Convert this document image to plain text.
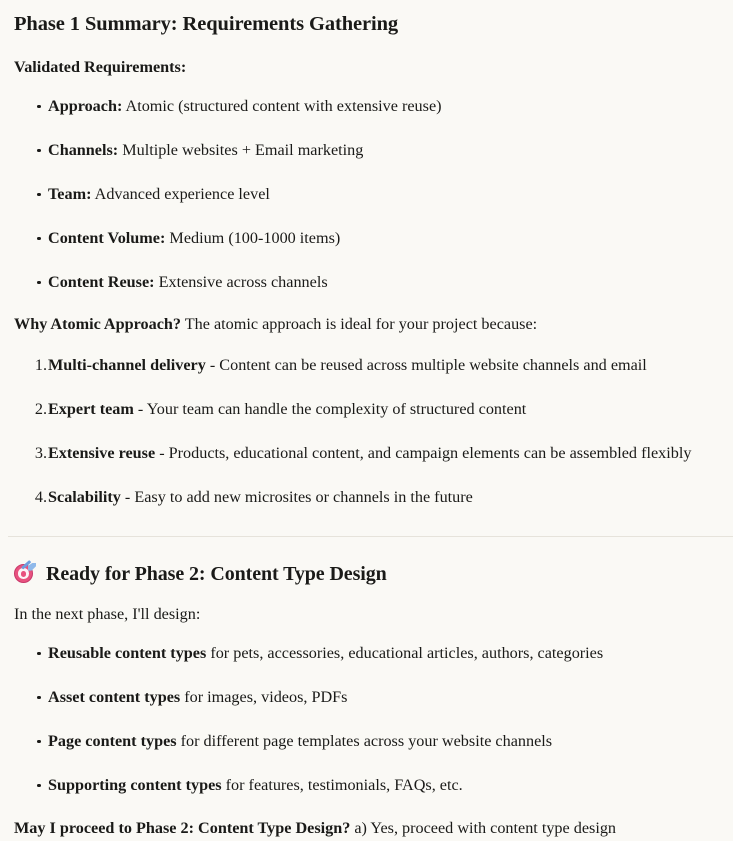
Phase 1 Summary: Requirements Gathering

Validated Requirements:

Approach: Atomic (structured content with extensive reuse)
Channels: Multiple websites + Email marketing
Team: Advanced experience level
Content Volume: Medium (100-1000 items)
Content Reuse: Extensive across channels

Why Atomic Approach? The atomic approach is ideal for your project because:

Multi-channel delivery - Content can be reused across multiple website channels and email
Expert team - Your team can handle the complexity of structured content
Extensive reuse - Products, educational content, and campaign elements can be assembled flexibly
Scalability - Easy to add new microsites or channels in the future
Ready for Phase 2: Content Type Design

In the next phase, I'll design:

Reusable content types for pets, accessories, educational articles, authors, categories
Asset content types for images, videos, PDFs
Page content types for different page templates across your website channels
Supporting content types for features, testimonials, FAQs, etc.

May I proceed to Phase 2: Content Type Design? a) Yes, proceed with content type design
